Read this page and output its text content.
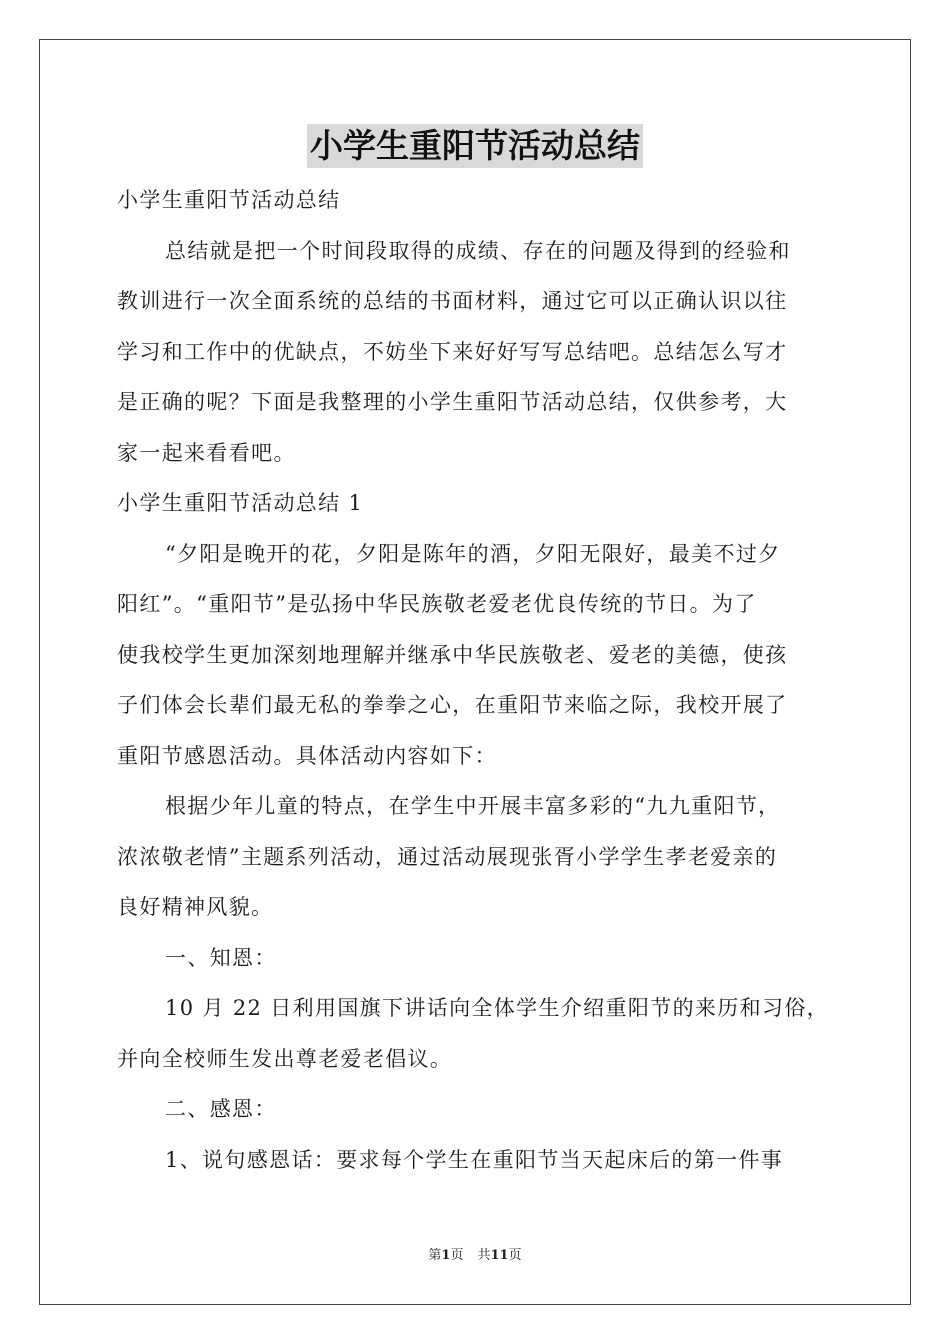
小学生重阳节活动总结
小学生重阳节活动总结
总结就是把一个时间段取得的成绩、存在的问题及得到的经验和
教训进行一次全面系统的总结的书面材料，通过它可以正确认识以往
学习和工作中的优缺点，不妨坐下来好好写写总结吧。总结怎么写才
是正确的呢？下面是我整理的小学生重阳节活动总结，仅供参考，大
家一起来看看吧。
小学生重阳节活动总结 1
“夕阳是晚开的花，夕阳是陈年的酒，夕阳无限好，最美不过夕
阳红”。“重阳节”是弘扬中华民族敬老爱老优良传统的节日。为了
使我校学生更加深刻地理解并继承中华民族敬老、爱老的美德，使孩
子们体会长辈们最无私的拳拳之心，在重阳节来临之际，我校开展了
重阳节感恩活动。具体活动内容如下：
根据少年儿童的特点，在学生中开展丰富多彩的“九九重阳节，
浓浓敬老情”主题系列活动，通过活动展现张胥小学学生孝老爱亲的
良好精神风貌。
一、知恩：
10 月 22 日利用国旗下讲话向全体学生介绍重阳节的来历和习俗，
并向全校师生发出尊老爱老倡议。
二、感恩：
1、说句感恩话：要求每个学生在重阳节当天起床后的第一件事
第1页 共11页
